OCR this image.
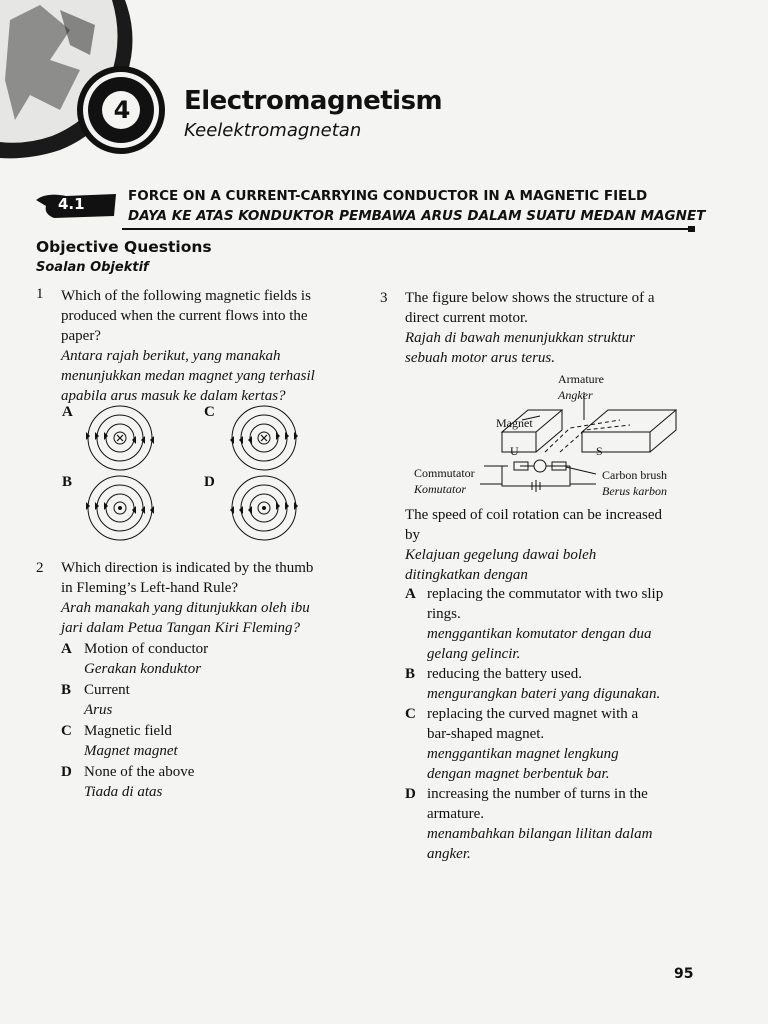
4 Electromagnetism
Keelektromagnetan
4.1	FORCE ON A CURRENT-CARRYING CONDUCTOR IN A MAGNETIC FIELD
DAYA KE ATAS KONDUKTOR PEMBAWA ARUS DALAM SUATU MEDAN MAGNET
Objective Questions
Soalan Objektif
1 Which of the following magnetic fields is
produced when the current flows into the
paper?
Antara rajah berikut, yang manakah
menunjukkan medan magnet yang terhasil
apabila arus masuk ke dalam kertas?
A	C
B	D
2 Which direction is indicated by the thumb
in Fleming’s Left-hand Rule?
Arah manakah yang ditunjukkan oleh ibu
jari dalam Petua Tangan Kiri Fleming?
A Motion of conductor
Gerakan konduktor
B Current
Arus
C Magnetic field
Magnet magnet
D None of the above
Tiada di atas
3 The figure below shows the structure of a
direct current motor.
Rajah di bawah menunjukkan struktur
sebuah motor arus terus.
Armature
Angker
Magnet
U	S
Commutator
Komutator
Carbon brush
Berus karbon
The speed of coil rotation can be increased
by
Kelajuan gegelung dawai boleh
ditingkatkan dengan
A replacing the commutator with two slip
rings.
menggantikan komutator dengan dua
gelang gelincir.
B reducing the battery used.
mengurangkan bateri yang digunakan.
C replacing the curved magnet with a
bar-shaped magnet.
menggantikan magnet lengkung
dengan magnet berbentuk bar.
D increasing the number of turns in the
armature.
menambahkan bilangan lilitan dalam
angker.
95
